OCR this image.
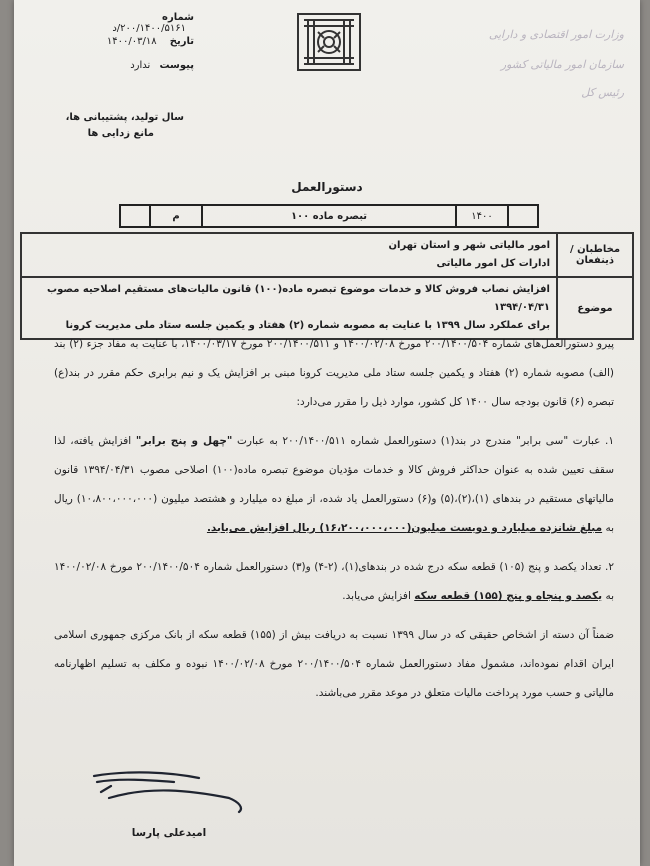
وزارت امور اقتصادی و دارایی
سازمان امور مالیاتی کشور
رئیس کل
شماره ۲۰۰/۱۴۰۰/۵۱۶۱/د
تاریخ ۱۴۰۰/۰۳/۱۸
پیوست ندارد
سال تولید، پشتیبانی ها،
مانع زدایی ها
دستورالعمل
	۱۴۰۰	تبصره ماده ۱۰۰	م	
مخاطبان / ذینفعان	امور مالیاتی شهر و استان تهران
ادارات کل امور مالیاتی

موضوع	افزایش نصاب فروش کالا و خدمات موضوع تبصره ماده(۱۰۰) قانون مالیات‌های مستقیم اصلاحیه مصوب ۱۳۹۴/۰۴/۳۱
برای عملکرد سال ۱۳۹۹ با عنایت به مصوبه شماره (۲) هفتاد و یکمین جلسه ستاد ملی مدیریت کرونا

پیرو دستورالعمل‌های شماره ۲۰۰/۱۴۰۰/۵۰۴ مورخ ۱۴۰۰/۰۲/۰۸ و ۲۰۰/۱۴۰۰/۵۱۱ مورخ ۱۴۰۰/۰۳/۱۷، با عنایت به مفاد جزء (۲) بند (الف) مصوبه شماره (۲) هفتاد و یکمین جلسه ستاد ملی مدیریت کرونا مبنی بر افزایش یک و نیم برابری حکم مقرر در بند(ع) تبصره (۶) قانون بودجه سال ۱۴۰۰ کل کشور، موارد ذیل را مقرر می‌دارد:

۱. عبارت "سی برابر" مندرج در بند(۱) دستورالعمل شماره ۲۰۰/۱۴۰۰/۵۱۱ به عبارت "چهل و پنج برابر" افزایش یافته، لذا سقف تعیین شده به عنوان حداکثر فروش کالا و خدمات مؤدیان موضوع تبصره ماده(۱۰۰) اصلاحی مصوب ۱۳۹۴/۰۴/۳۱ قانون مالیاتهای مستقیم در بندهای (۱)،(۲)،(۵) و(۶) دستورالعمل یاد شده، از مبلغ ده میلیارد و هشتصد میلیون (۱۰،۸۰۰،۰۰۰،۰۰۰) ریال به مبلغ شانزده میلیارد و دویست میلیون(۱۶،۲۰۰،۰۰۰،۰۰۰) ریال افزایش می‌یابد.

۲. تعداد یکصد و پنج (۱۰۵) قطعه سکه درج شده در بندهای(۱)، (۲-۴) و(۳) دستورالعمل شماره ۲۰۰/۱۴۰۰/۵۰۴ مورخ ۱۴۰۰/۰۲/۰۸ به یکصد و پنجاه و پنج (۱۵۵) قطعه سکه افزایش می‌یابد.

ضمناً آن دسته از اشخاص حقیقی که در سال ۱۳۹۹ نسبت به دریافت بیش از (۱۵۵) قطعه سکه از بانک مرکزی جمهوری اسلامی ایران اقدام نموده‌اند، مشمول مفاد دستورالعمل شماره ۲۰۰/۱۴۰۰/۵۰۴ مورخ ۱۴۰۰/۰۲/۰۸ نبوده و مکلف به تسلیم اظهارنامه مالیاتی و حسب مورد پرداخت مالیات متعلق در موعد مقرر می‌باشند.

امیدعلی پارسا
